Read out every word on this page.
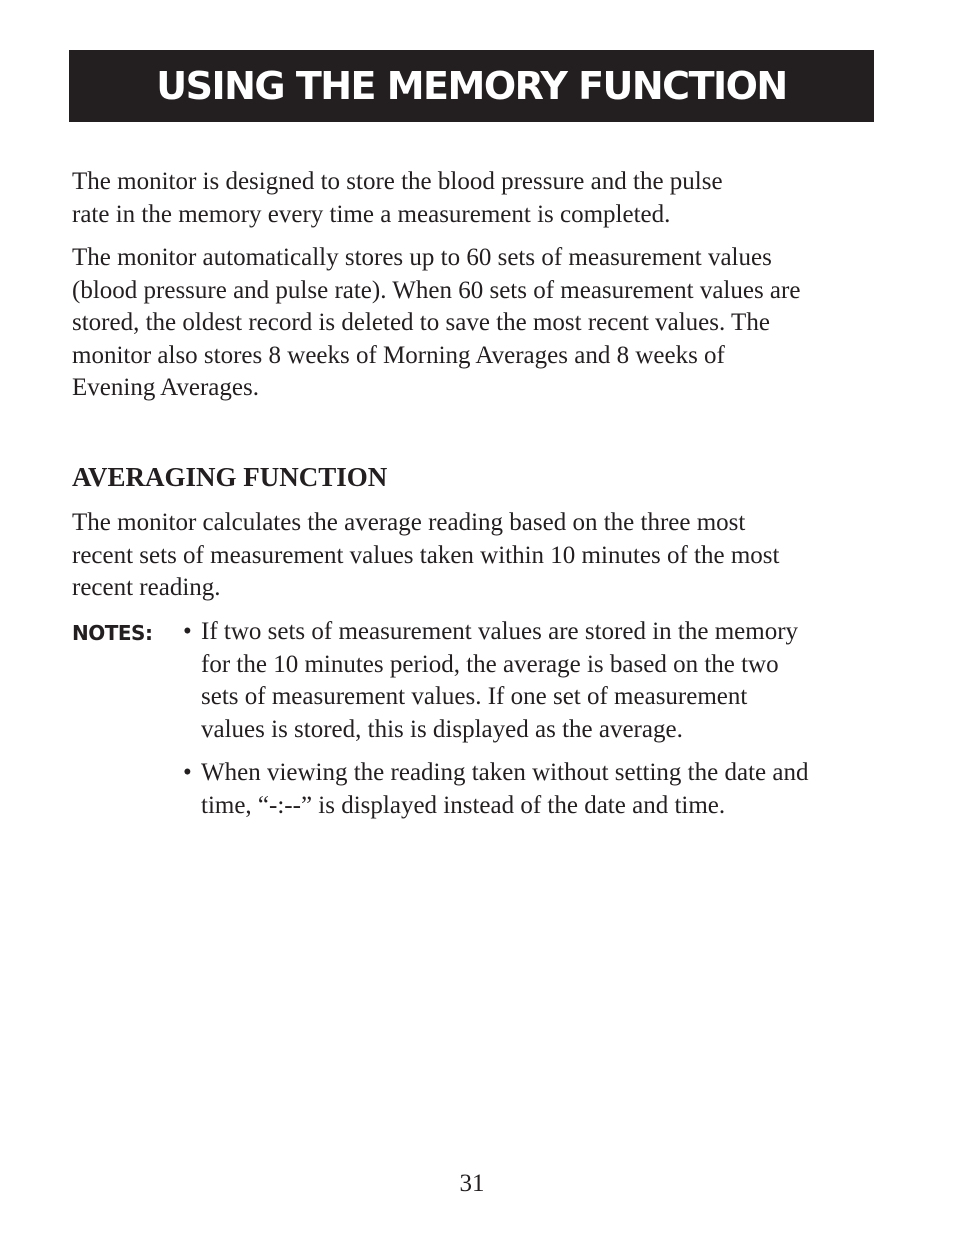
USING THE MEMORY FUNCTION

The monitor is designed to store the blood pressure and the pulse
rate in the memory every time a measurement is completed.

The monitor automatically stores up to 60 sets of measurement values
(blood pressure and pulse rate). When 60 sets of measurement values are
stored, the oldest record is deleted to save the most recent values. The
monitor also stores 8 weeks of Morning Averages and 8 weeks of
Evening Averages.

AVERAGING FUNCTION

The monitor calculates the average reading based on the three most
recent sets of measurement values taken within 10 minutes of the most
recent reading.

NOTES: • If two sets of measurement values are stored in the memory
for the 10 minutes period, the average is based on the two
sets of measurement values. If one set of measurement
values is stored, this is displayed as the average.

• When viewing the reading taken without setting the date and
time, “-:--” is displayed instead of the date and time.

31
